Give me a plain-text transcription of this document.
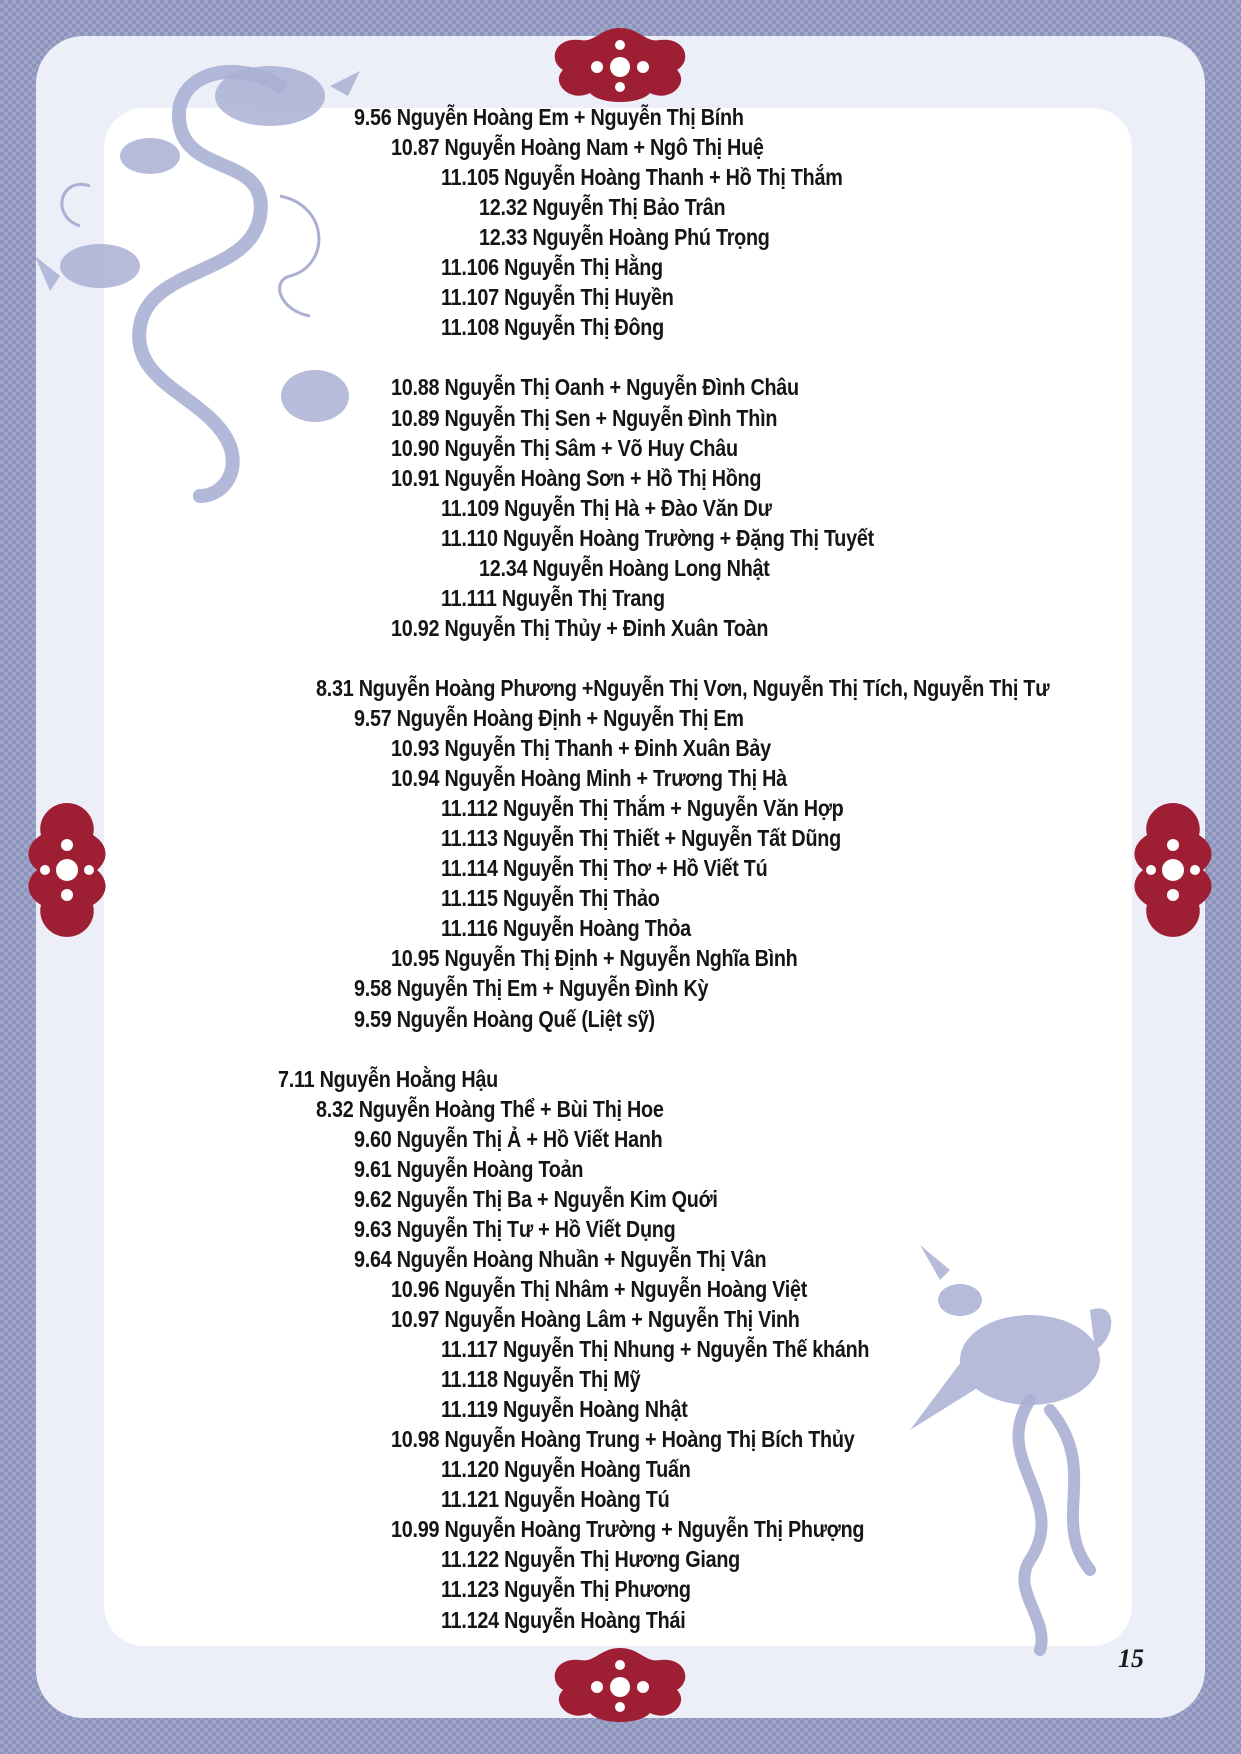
9.56 Nguyễn Hoàng Em + Nguyễn Thị Bính
10.87 Nguyễn Hoàng Nam + Ngô Thị Huệ
11.105 Nguyễn Hoàng Thanh + Hồ Thị Thắm
12.32 Nguyễn Thị Bảo Trân
12.33 Nguyễn Hoàng Phú Trọng
11.106 Nguyễn Thị Hằng
11.107 Nguyễn Thị Huyền
11.108 Nguyễn Thị Đông
10.88 Nguyễn Thị Oanh + Nguyễn Đình Châu
10.89 Nguyễn Thị Sen + Nguyễn Đình Thìn
10.90 Nguyễn Thị Sâm + Võ Huy Châu
10.91 Nguyễn Hoàng Sơn + Hồ Thị Hồng
11.109 Nguyễn Thị Hà + Đào Văn Dư
11.110 Nguyễn Hoàng Trường + Đặng Thị Tuyết
12.34 Nguyễn Hoàng Long Nhật
11.111 Nguyễn Thị Trang
10.92 Nguyễn Thị Thủy + Đinh Xuân Toàn
8.31 Nguyễn Hoàng Phương +Nguyễn Thị Vơn, Nguyễn Thị Tích, Nguyễn Thị Tư
9.57 Nguyễn Hoàng Định + Nguyễn Thị Em
10.93 Nguyễn Thị Thanh + Đinh Xuân Bảy
10.94 Nguyễn Hoàng Minh + Trương Thị Hà
11.112 Nguyễn Thị Thắm + Nguyễn Văn Hợp
11.113 Nguyễn Thị Thiết + Nguyễn Tất Dũng
11.114 Nguyễn Thị Thơ + Hồ Viết Tú
11.115 Nguyễn Thị Thảo
11.116 Nguyễn Hoàng Thỏa
10.95 Nguyễn Thị Định + Nguyễn Nghĩa Bình
9.58 Nguyễn Thị Em + Nguyễn Đình Kỳ
9.59 Nguyễn Hoàng Quế (Liệt sỹ)
7.11 Nguyễn Hoằng Hậu
8.32 Nguyễn Hoàng Thể + Bùi Thị Hoe
9.60 Nguyễn Thị Ả + Hồ Viết Hanh
9.61 Nguyễn Hoàng Toản
9.62 Nguyễn Thị Ba + Nguyễn Kim Quới
9.63 Nguyễn Thị Tư + Hồ Viết Dụng
9.64 Nguyễn Hoàng Nhuần + Nguyễn Thị Vân
10.96 Nguyễn Thị Nhâm + Nguyễn Hoàng Việt
10.97 Nguyễn Hoàng Lâm + Nguyễn Thị Vinh
11.117 Nguyễn Thị Nhung + Nguyễn Thế khánh
11.118 Nguyễn Thị Mỹ
11.119 Nguyễn Hoàng Nhật
10.98 Nguyễn Hoàng Trung + Hoàng Thị Bích Thủy
11.120 Nguyễn Hoàng Tuấn
11.121 Nguyễn Hoàng Tú
10.99 Nguyễn Hoàng Trường + Nguyễn Thị Phượng
11.122 Nguyễn Thị Hương Giang
11.123 Nguyễn Thị Phương
11.124 Nguyễn Hoàng Thái
15
